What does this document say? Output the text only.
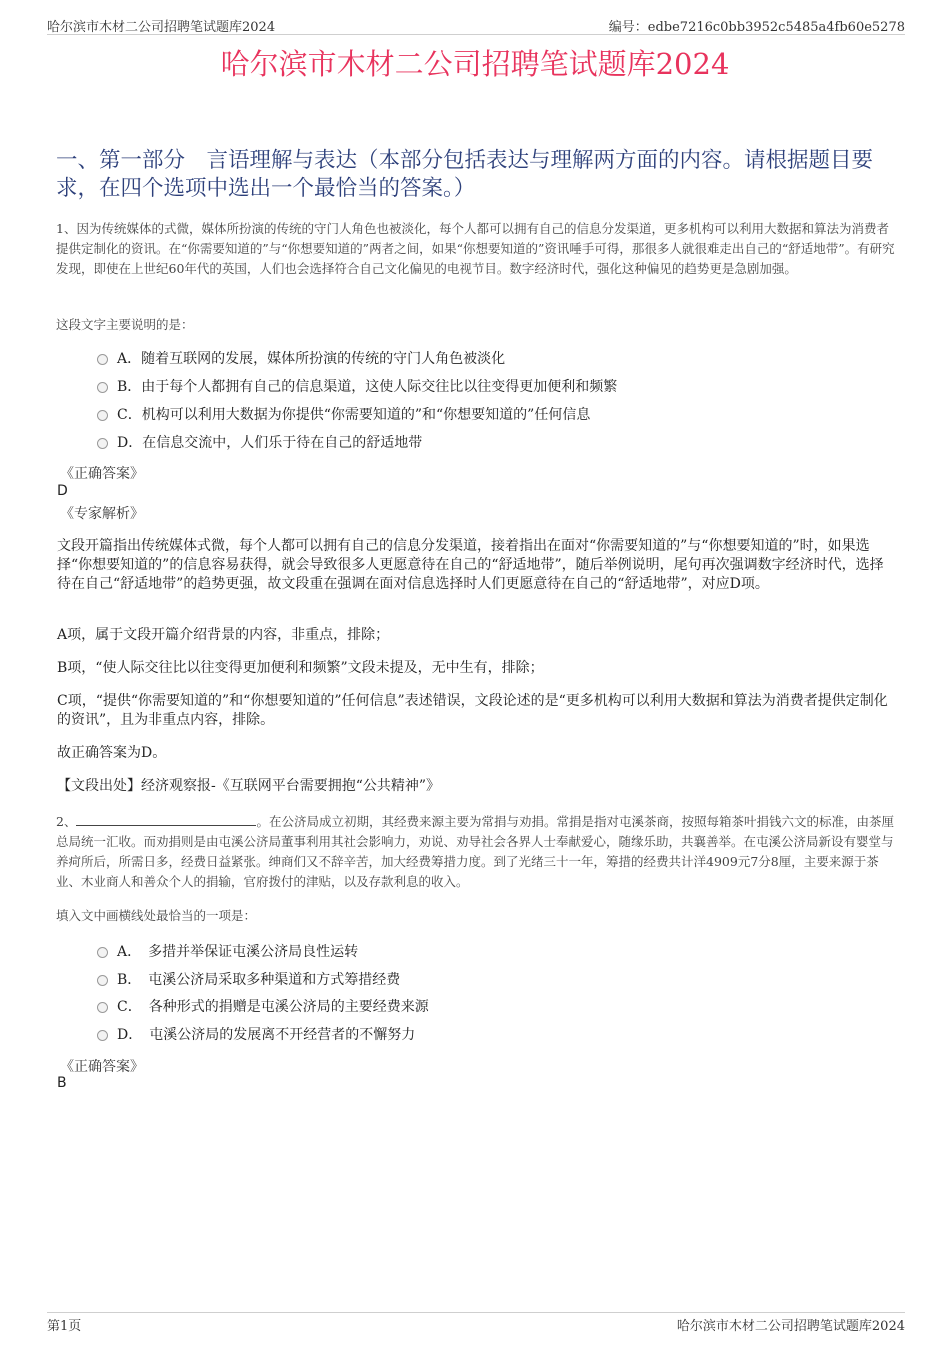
哈尔滨市木材二公司招聘笔试题库2024	编号：edbe7216c0bb3952c5485a4fb60e5278
哈尔滨市木材二公司招聘笔试题库2024
一、第一部分　言语理解与表达（本部分包括表达与理解两方面的内容。请根据题目要求，在四个选项中选出一个最恰当的答案。）
1、因为传统媒体的式微，媒体所扮演的传统的守门人角色也被淡化，每个人都可以拥有自己的信息分发渠道，更多机构可以利用大数据和算法为消费者提供定制化的资讯。在“你需要知道的”与“你想要知道的”两者之间，如果“你想要知道的”资讯唾手可得，那很多人就很难走出自己的“舒适地带”。有研究发现，即使在上世纪60年代的英国，人们也会选择符合自己文化偏见的电视节目。数字经济时代，强化这种偏见的趋势更是急剧加强。
这段文字主要说明的是：
A．随着互联网的发展，媒体所扮演的传统的守门人角色被淡化
B．由于每个人都拥有自己的信息渠道，这使人际交往比以往变得更加便利和频繁
C．机构可以利用大数据为你提供“你需要知道的”和“你想要知道的”任何信息
D．在信息交流中，人们乐于待在自己的舒适地带
《正确答案》
D
《专家解析》
文段开篇指出传统媒体式微，每个人都可以拥有自己的信息分发渠道，接着指出在面对“你需要知道的”与“你想要知道的”时，如果选择“你想要知道的”的信息容易获得，就会导致很多人更愿意待在自己的“舒适地带”，随后举例说明，尾句再次强调数字经济时代，选择待在自己“舒适地带”的趋势更强，故文段重在强调在面对信息选择时人们更愿意待在自己的“舒适地带”，对应D项。
A项，属于文段开篇介绍背景的内容，非重点，排除；
B项，“使人际交往比以往变得更加便利和频繁”文段未提及，无中生有，排除；
C项，“提供“你需要知道的”和“你想要知道的”任何信息”表述错误，文段论述的是“更多机构可以利用大数据和算法为消费者提供定制化的资讯”，且为非重点内容，排除。
故正确答案为D。
【文段出处】经济观察报-《互联网平台需要拥抱“公共精神”》
2、	。在公济局成立初期，其经费来源主要为常捐与劝捐。常捐是指对屯溪茶商，按照每箱茶叶捐钱六文的标准，由茶厘总局统一汇收。而劝捐则是由屯溪公济局董事利用其社会影响力，劝说、劝导社会各界人士奉献爱心，随缘乐助，共襄善举。在屯溪公济局新设有婴堂与养疴所后，所需日多，经费日益紧张。绅商们又不辞辛苦，加大经费筹措力度。到了光绪三十一年，筹措的经费共计洋4909元7分8厘，主要来源于茶业、木业商人和善众个人的捐输，官府拨付的津贴，以及存款利息的收入。
填入文中画横线处最恰当的一项是：
A．　多措并举保证屯溪公济局良性运转
B．　屯溪公济局采取多种渠道和方式筹措经费
C．　各种形式的捐赠是屯溪公济局的主要经费来源
D．　屯溪公济局的发展离不开经营者的不懈努力
《正确答案》
B
第1页	哈尔滨市木材二公司招聘笔试题库2024
